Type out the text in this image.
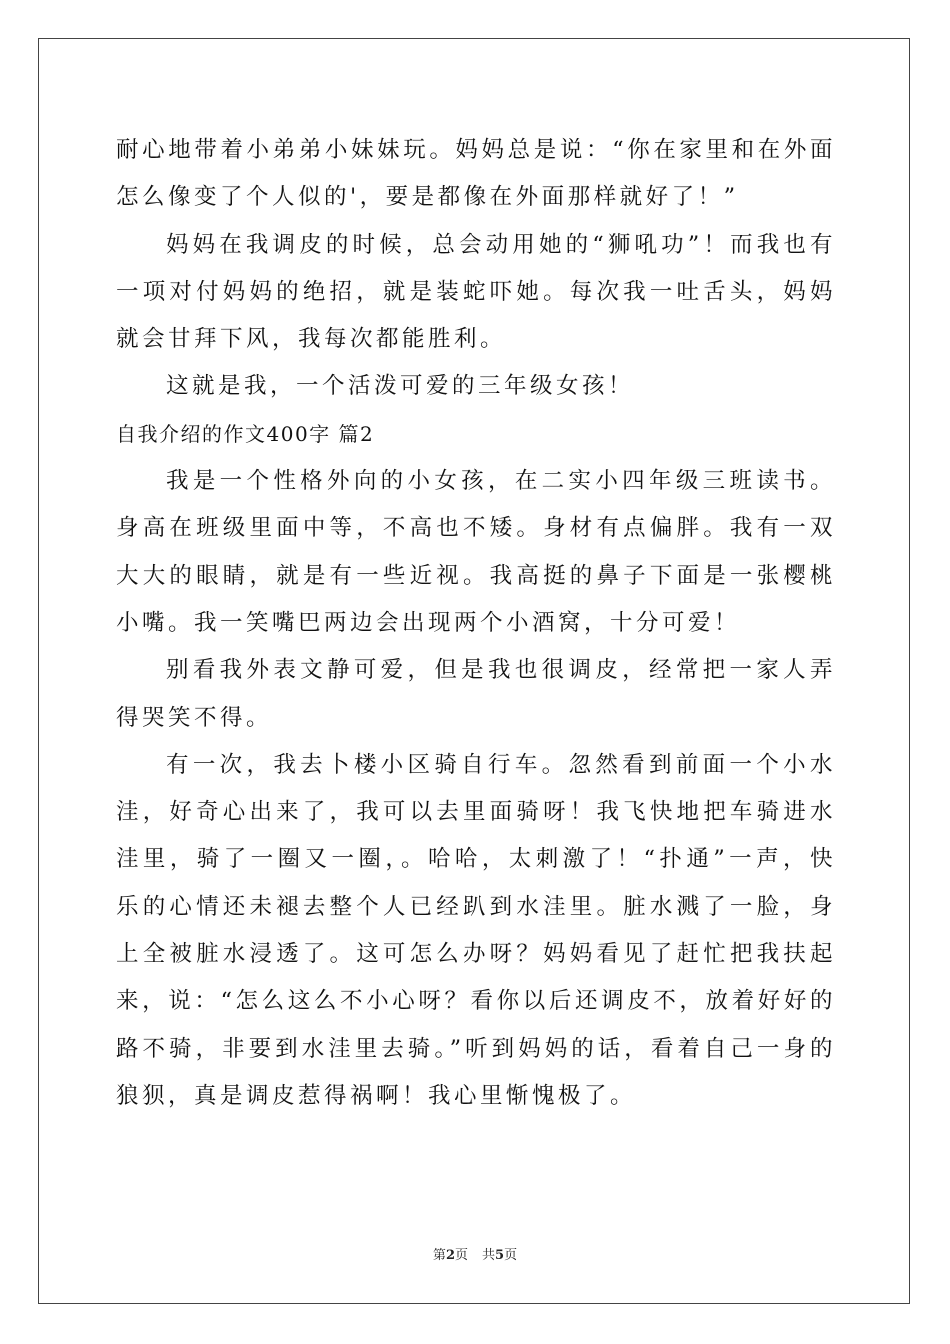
耐心地带着小弟弟小妹妹玩。妈妈总是说：“你在家里和在外面怎么像变了个人似的'，要是都像在外面那样就好了！”

妈妈在我调皮的时候，总会动用她的“狮吼功”！而我也有一项对付妈妈的绝招，就是装蛇吓她。每次我一吐舌头，妈妈就会甘拜下风，我每次都能胜利。

这就是我，一个活泼可爱的三年级女孩！

自我介绍的作文400字 篇2

我是一个性格外向的小女孩，在二实小四年级三班读书。身高在班级里面中等，不高也不矮。身材有点偏胖。我有一双大大的眼睛，就是有一些近视。我高挺的鼻子下面是一张樱桃小嘴。我一笑嘴巴两边会出现两个小酒窝，十分可爱！

别看我外表文静可爱，但是我也很调皮，经常把一家人弄得哭笑不得。

有一次，我去卜楼小区骑自行车。忽然看到前面一个小水洼，好奇心出来了，我可以去里面骑呀！我飞快地把车骑进水洼里，骑了一圈又一圈，。哈哈，太刺激了！“扑通”一声，快乐的心情还未褪去整个人已经趴到水洼里。脏水溅了一脸，身上全被脏水浸透了。这可怎么办呀？妈妈看见了赶忙把我扶起来，说：“怎么这么不小心呀？看你以后还调皮不，放着好好的路不骑，非要到水洼里去骑。”听到妈妈的话，看着自己一身的狼狈，真是调皮惹得祸啊！我心里惭愧极了。

第2页 共5页
